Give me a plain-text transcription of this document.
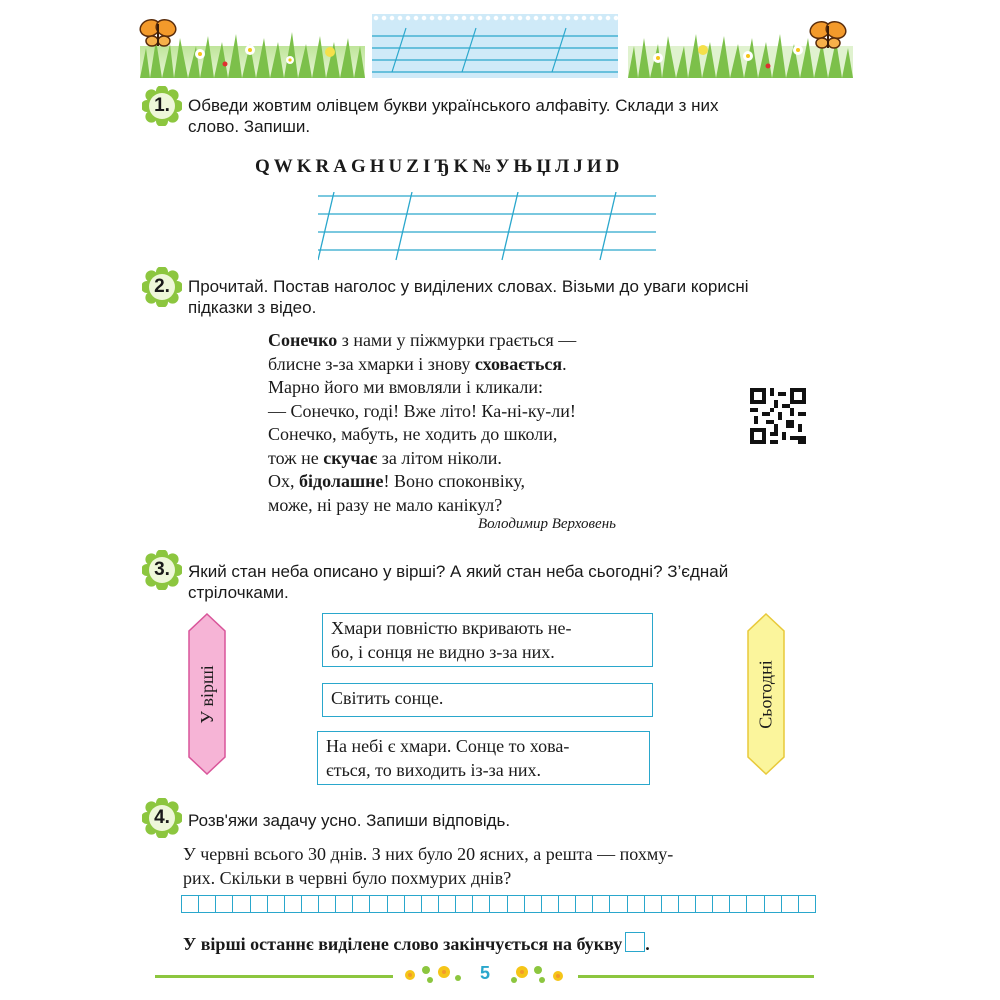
1.	Обведи жовтим олівцем букви українського алфавіту. Склади з них
слово. Запиши.
QWKRAGHUZIЂK№УЊЏЛJИD
2.	Прочитай. Постав наголос у виділених словах. Візьми до уваги корисні
підказки з відео.
Сонечко з нами у піжмурки грається —
блисне з-за хмарки і знову сховається.
Марно його ми вмовляли і кликали:
— Сонечко, годі! Вже літо! Ка-ні-ку-ли!
Сонечко, мабуть, не ходить до школи,
тож не скучає за літом ніколи.
Ох, бідолашне! Воно споконвіку,
може, ні разу не мало канікул?
Володимир Верховень
3.	Який стан неба описано у вірші? А який стан неба сьогодні? З’єднай
стрілочками.
У вірші	Сьогодні
Хмари повністю вкривають не-
бо, і сонця не видно з-за них.
Світить сонце.
На небі є хмари. Сонце то хова-
ється, то виходить із-за них.
4.	Розв'яжи задачу усно. Запиши відповідь.
У червні всього 30 днів. З них було 20 ясних, а решта — похму-
рих. Скільки в червні було похмурих днів?
У вірші останнє виділене слово закінчується на букву .
5
